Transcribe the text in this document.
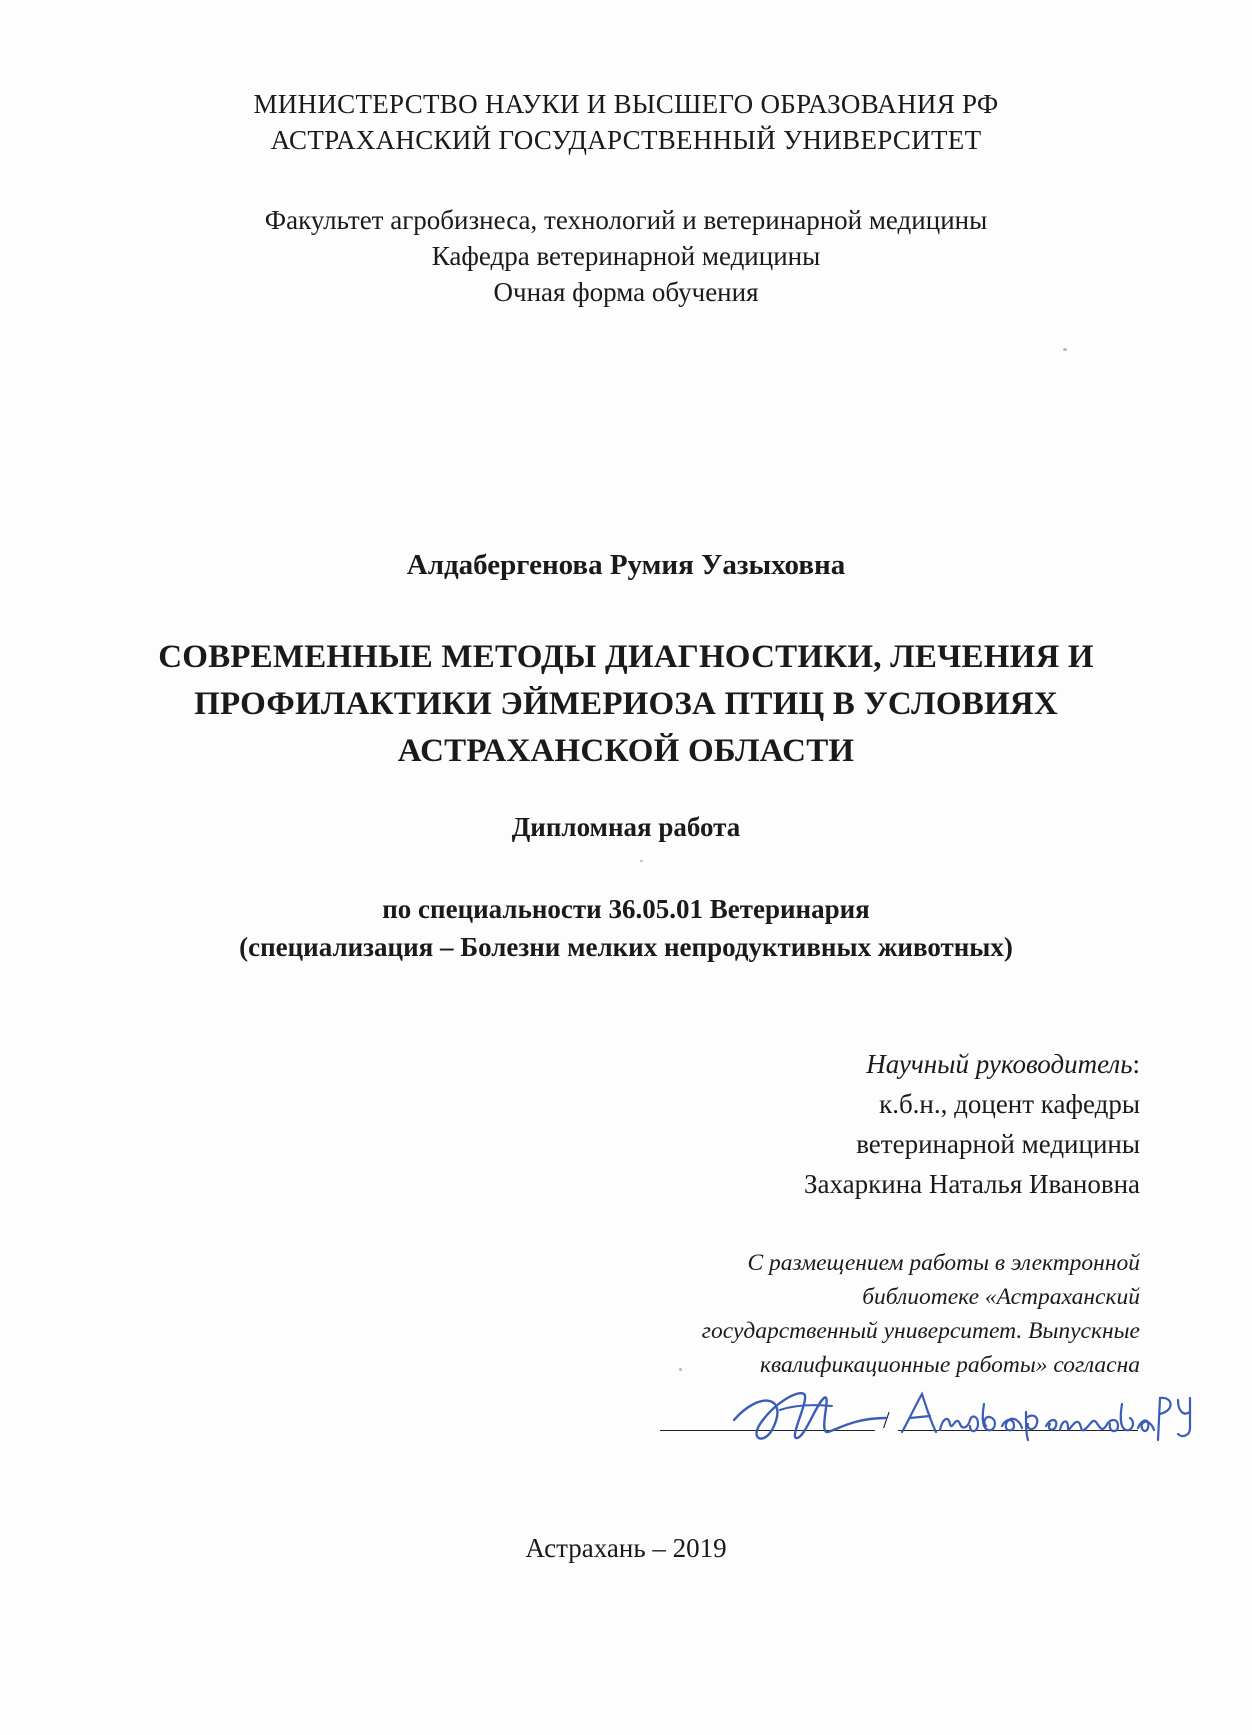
МИНИСТЕРСТВО НАУКИ И ВЫСШЕГО ОБРАЗОВАНИЯ РФ
АСТРАХАНСКИЙ ГОСУДАРСТВЕННЫЙ УНИВЕРСИТЕТ
Факультет агробизнеса, технологий и ветеринарной медицины
Кафедра ветеринарной медицины
Очная форма обучения
Алдабергенова Румия Уазыховна
СОВРЕМЕННЫЕ МЕТОДЫ ДИАГНОСТИКИ, ЛЕЧЕНИЯ И
ПРОФИЛАКТИКИ ЭЙМЕРИОЗА ПТИЦ В УСЛОВИЯХ
АСТРАХАНСКОЙ ОБЛАСТИ
Дипломная работа
по специальности 36.05.01 Ветеринария
(специализация – Болезни мелких непродуктивных животных)
Научный руководитель:
к.б.н., доцент кафедры
ветеринарной медицины
Захаркина Наталья Ивановна
С размещением работы в электронной
библиотеке «Астраханский
государственный университет. Выпускные
квалификационные работы» согласна
/
Астрахань – 2019
